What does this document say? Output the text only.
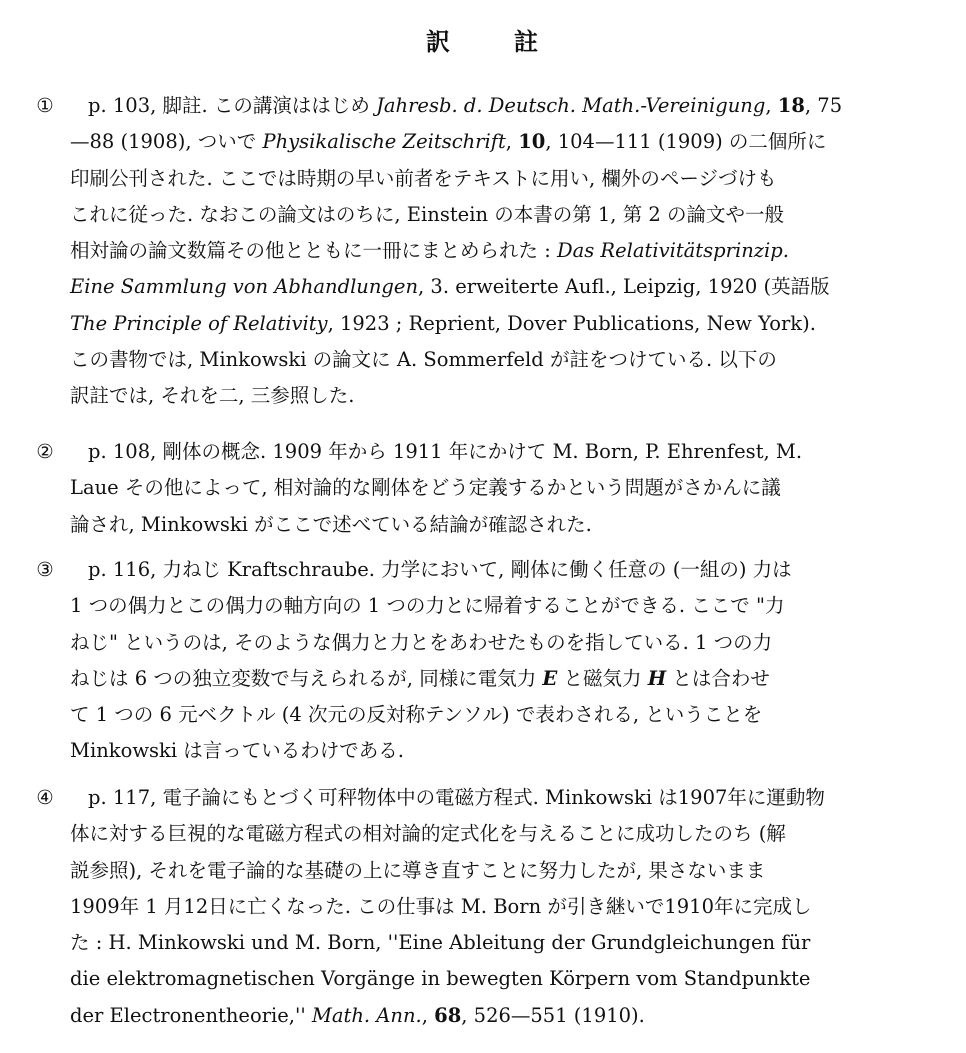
訳	註
①	p. 103, 脚註. この講演ははじめ Jahresb. d. Deutsch. Math.-Vereinigung, 18, 75
—88 (1908), ついで Physikalische Zeitschrift, 10, 104—111 (1909) の二個所に
印刷公刊された. ここでは時期の早い前者をテキストに用い, 欄外のページづけも
これに従った. なおこの論文はのちに, Einstein の本書の第 1, 第 2 の論文や一般
相対論の論文数篇その他とともに一冊にまとめられた : Das Relativitätsprinzip.
Eine Sammlung von Abhandlungen, 3. erweiterte Aufl., Leipzig, 1920 (英語版
The Principle of Relativity, 1923 ; Reprient, Dover Publications, New York).
この書物では, Minkowski の論文に A. Sommerfeld が註をつけている. 以下の
訳註では, それを二, 三参照した.
②	p. 108, 剛体の概念. 1909 年から 1911 年にかけて M. Born, P. Ehrenfest, M.
Laue その他によって, 相対論的な剛体をどう定義するかという問題がさかんに議
論され, Minkowski がここで述べている結論が確認された.
③	p. 116, 力ねじ Kraftschraube. 力学において, 剛体に働く任意の (一組の) 力は
1 つの偶力とこの偶力の軸方向の 1 つの力とに帰着することができる. ここで "力
ねじ" というのは, そのような偶力と力とをあわせたものを指している. 1 つの力
ねじは 6 つの独立変数で与えられるが, 同様に電気力 E と磁気力 H とは合わせ
て 1 つの 6 元ベクトル (4 次元の反対称テンソル) で表わされる, ということを
Minkowski は言っているわけである.
④	p. 117, 電子論にもとづく可秤物体中の電磁方程式. Minkowski は1907年に運動物
体に対する巨視的な電磁方程式の相対論的定式化を与えることに成功したのち (解
説参照), それを電子論的な基礎の上に導き直すことに努力したが, 果さないまま
1909年 1 月12日に亡くなった. この仕事は M. Born が引き継いで1910年に完成し
た : H. Minkowski und M. Born, ''Eine Ableitung der Grundgleichungen für
die elektromagnetischen Vorgänge in bewegten Körpern vom Standpunkte
der Electronentheorie,'' Math. Ann., 68, 526—551 (1910).
